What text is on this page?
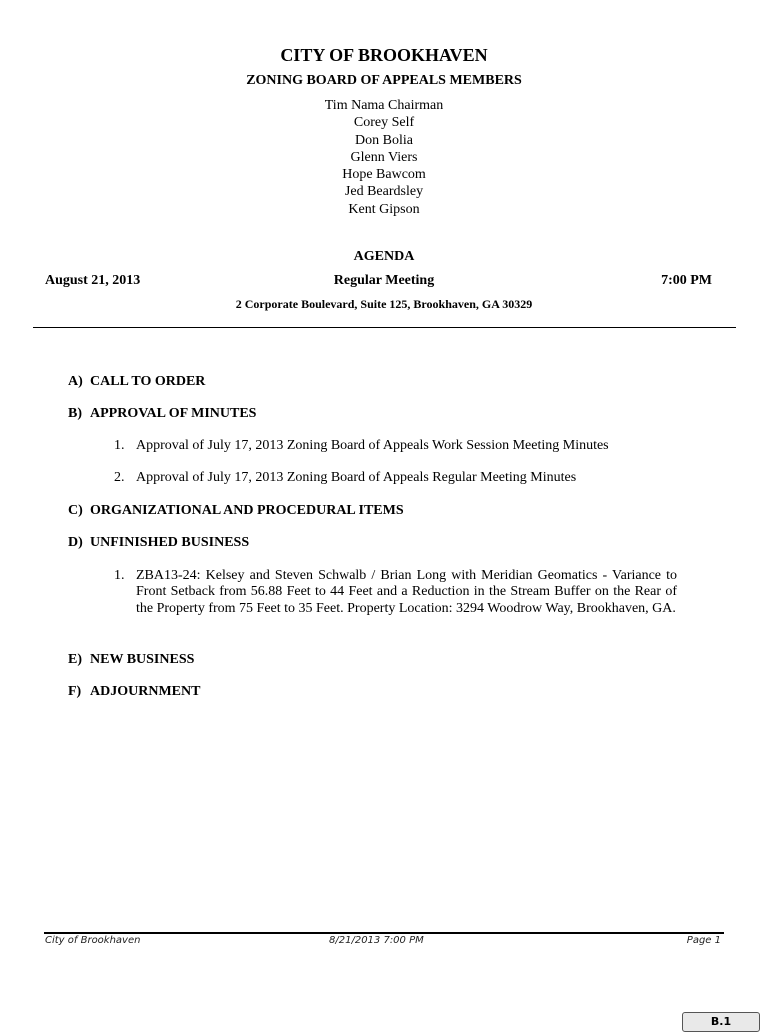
CITY OF BROOKHAVEN
ZONING BOARD OF APPEALS MEMBERS
Tim Nama Chairman
Corey Self
Don Bolia
Glenn Viers
Hope Bawcom
Jed Beardsley
Kent Gipson
AGENDA
August 21, 2013	Regular Meeting	7:00 PM
2 Corporate Boulevard, Suite 125, Brookhaven, GA 30329
A) CALL TO ORDER
B) APPROVAL OF MINUTES
1. Approval of July 17, 2013 Zoning Board of Appeals Work Session Meeting Minutes
2. Approval of July 17, 2013 Zoning Board of Appeals Regular Meeting Minutes
C) ORGANIZATIONAL AND PROCEDURAL ITEMS
D) UNFINISHED BUSINESS
1. ZBA13-24: Kelsey and Steven Schwalb / Brian Long with Meridian Geomatics - Variance to Front Setback from 56.88 Feet to 44 Feet and a Reduction in the Stream Buffer on the Rear of the Property from 75 Feet to 35 Feet. Property Location: 3294 Woodrow Way, Brookhaven, GA.
E) NEW BUSINESS
F) ADJOURNMENT
City of Brookhaven	8/21/2013 7:00 PM	Page 1
B.1
